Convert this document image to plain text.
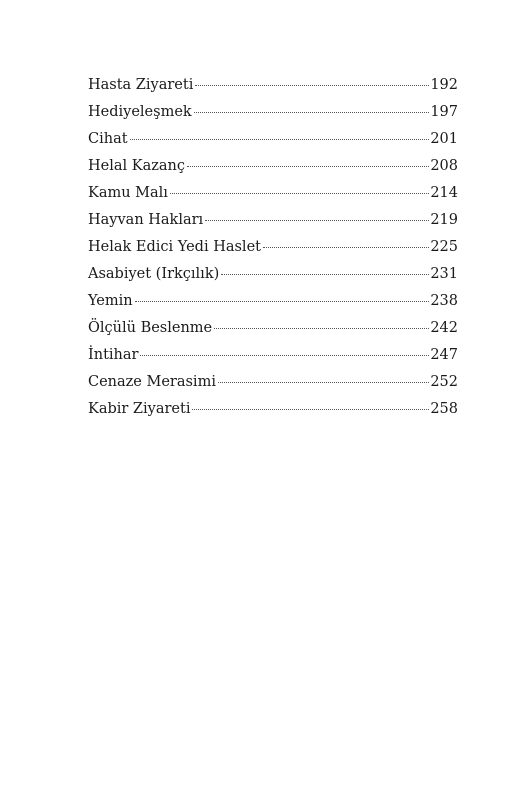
Hasta Ziyareti	192
Hediyeleşmek	197
Cihat	201
Helal Kazanç	208
Kamu Malı	214
Hayvan Hakları	219
Helak Edici Yedi Haslet	225
Asabiyet (Irkçılık)	231
Yemin	238
Ölçülü Beslenme	242
İntihar	247
Cenaze Merasimi	252
Kabir Ziyareti	258
